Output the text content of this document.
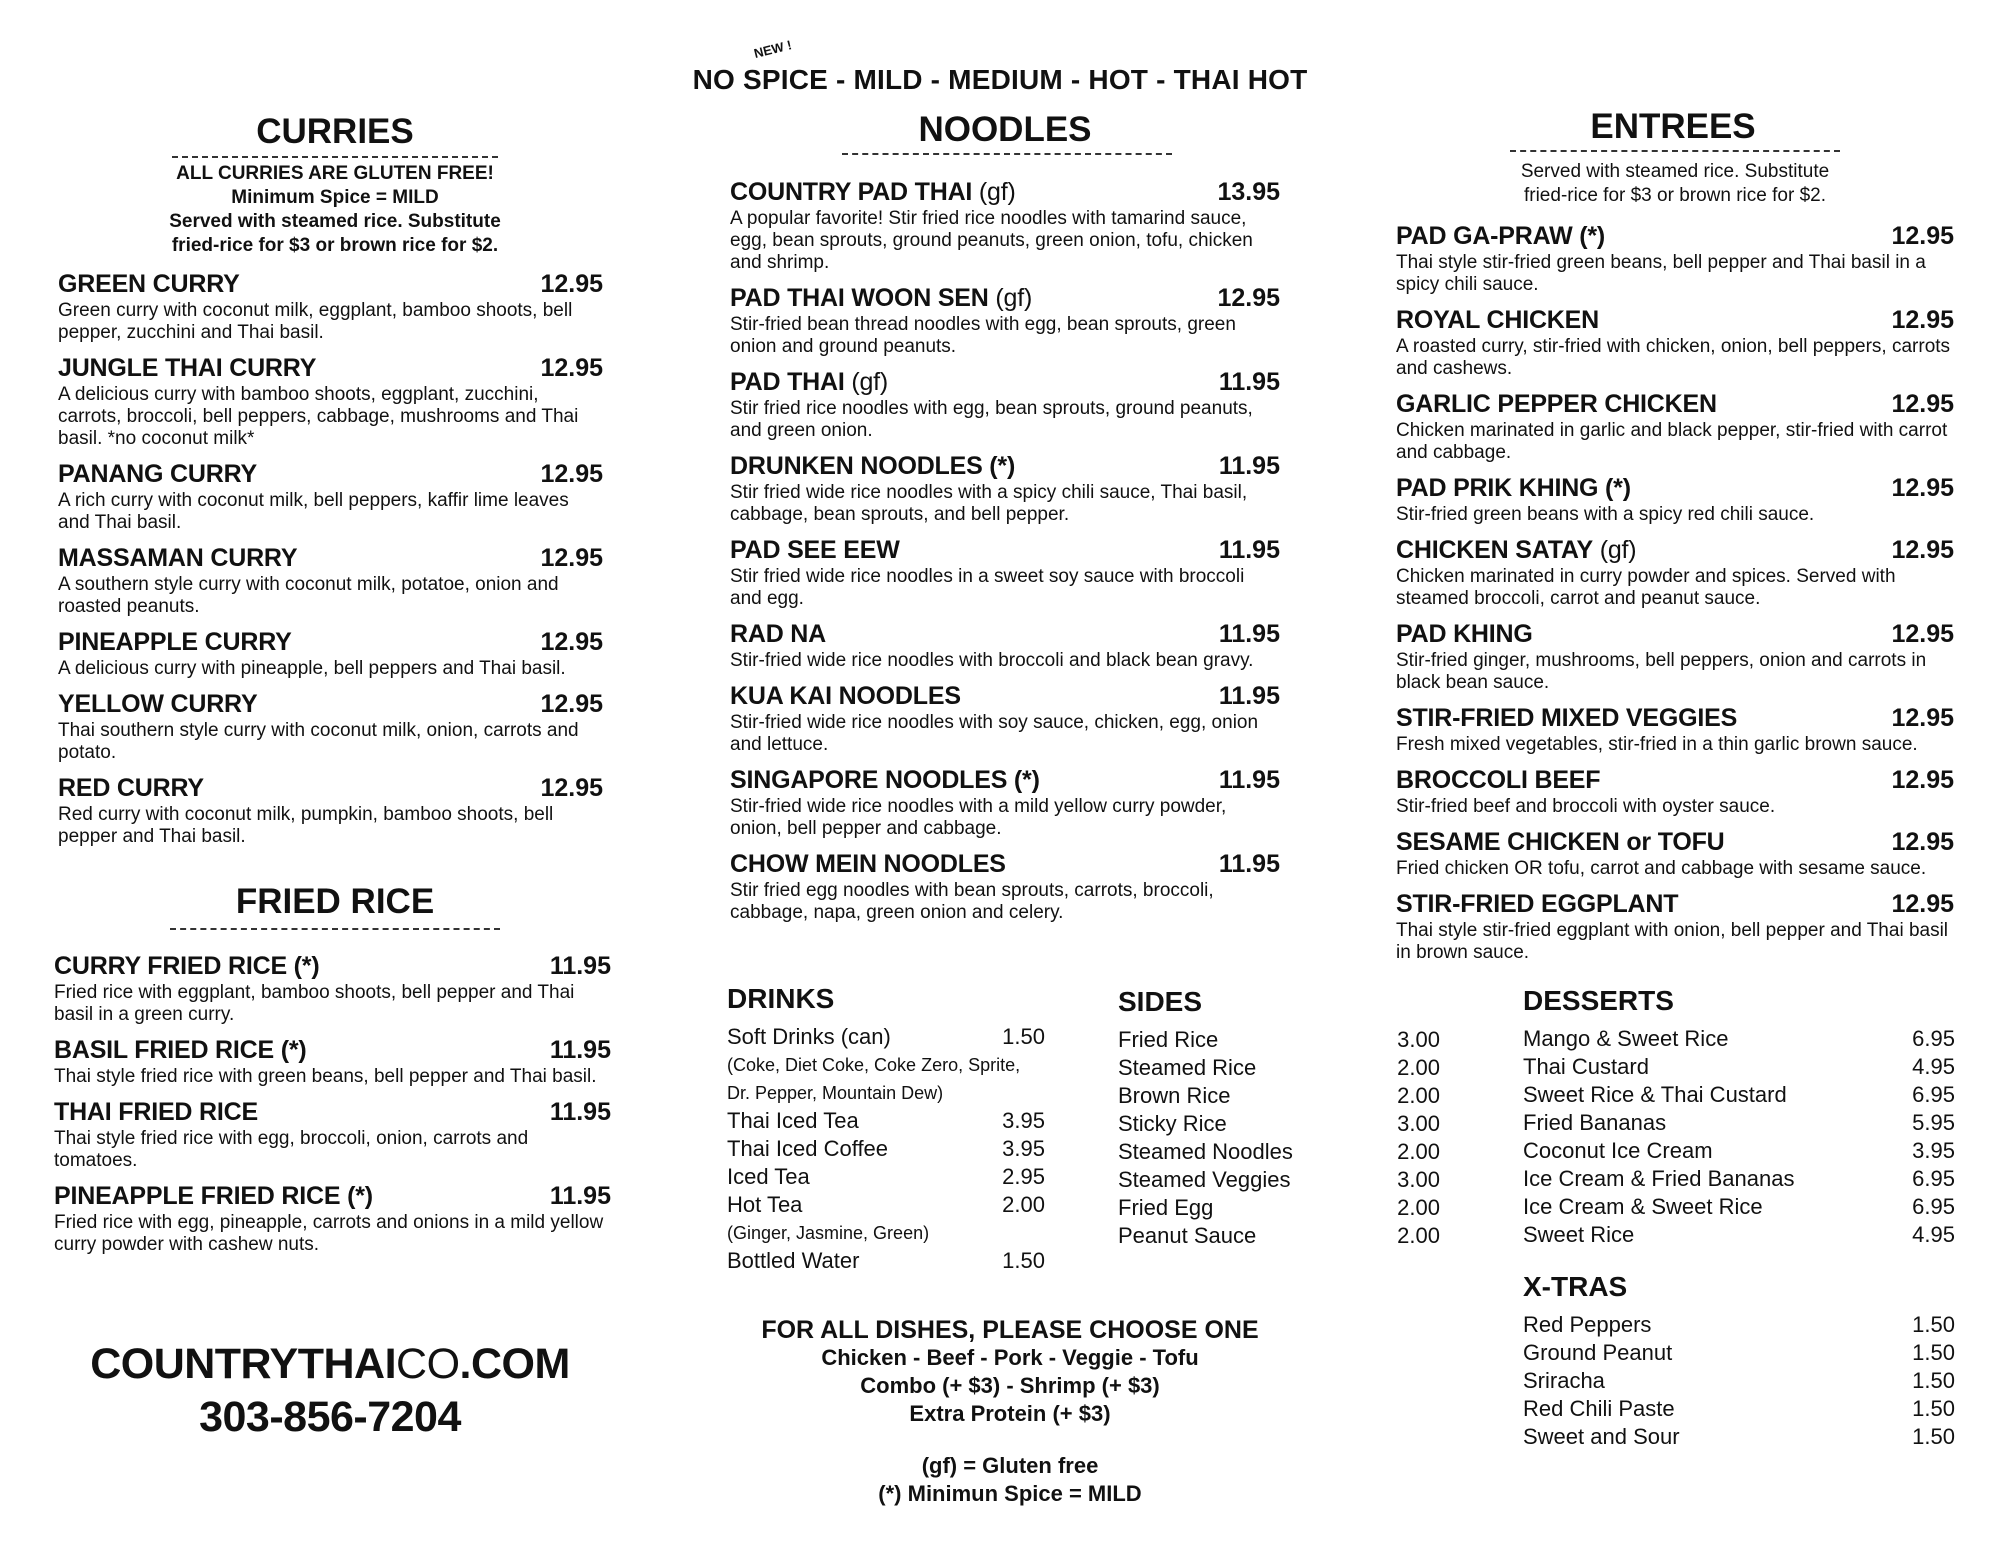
NEW !
NO SPICE - MILD - MEDIUM - HOT - THAI HOT
CURRIES
ALL CURRIES ARE GLUTEN FREE!
Minimum Spice = MILD
Served with steamed rice. Substitute
fried-rice for $3 or brown rice for $2.
GREEN CURRY	12.95
Green curry with coconut milk, eggplant, bamboo shoots, bell pepper, zucchini and Thai basil.
JUNGLE THAI CURRY	12.95
A delicious curry with bamboo shoots, eggplant, zucchini, carrots, broccoli, bell peppers, cabbage, mushrooms and Thai basil. *no coconut milk*
PANANG CURRY	12.95
A rich curry with coconut milk, bell peppers, kaffir lime leaves and Thai basil.
MASSAMAN CURRY	12.95
A southern style curry with coconut milk, potatoe, onion and roasted peanuts.
PINEAPPLE CURRY	12.95
A delicious curry with pineapple, bell peppers and Thai basil.
YELLOW CURRY	12.95
Thai southern style curry with coconut milk, onion, carrots and potato.
RED CURRY	12.95
Red curry with coconut milk, pumpkin, bamboo shoots, bell pepper and Thai basil.
FRIED RICE
CURRY FRIED RICE (*)	11.95
Fried rice with eggplant, bamboo shoots, bell pepper and Thai basil in a green curry.
BASIL FRIED RICE (*)	11.95
Thai style fried rice with green beans, bell pepper and Thai basil.
THAI FRIED RICE	11.95
Thai style fried rice with egg, broccoli, onion, carrots and tomatoes.
PINEAPPLE FRIED RICE (*)	11.95
Fried rice with egg, pineapple, carrots and onions in a mild yellow curry powder with cashew nuts.
COUNTRYTHAICO.COM
303-856-7204
NOODLES
COUNTRY PAD THAI (gf)	13.95
A popular favorite! Stir fried rice noodles with tamarind sauce, egg, bean sprouts, ground peanuts, green onion, tofu, chicken and shrimp.
PAD THAI WOON SEN (gf)	12.95
Stir-fried bean thread noodles with egg, bean sprouts, green onion and ground peanuts.
PAD THAI (gf)	11.95
Stir fried rice noodles with egg, bean sprouts, ground peanuts, and green onion.
DRUNKEN NOODLES (*)	11.95
Stir fried wide rice noodles with a spicy chili sauce, Thai basil, cabbage, bean sprouts, and bell pepper.
PAD SEE EEW	11.95
Stir fried wide rice noodles in a sweet soy sauce with broccoli and egg.
RAD NA	11.95
Stir-fried wide rice noodles with broccoli and black bean gravy.
KUA KAI NOODLES	11.95
Stir-fried wide rice noodles with soy sauce, chicken, egg, onion and lettuce.
SINGAPORE NOODLES (*)	11.95
Stir-fried wide rice noodles with a mild yellow curry powder, onion, bell pepper and cabbage.
CHOW MEIN NOODLES	11.95
Stir fried egg noodles with bean sprouts, carrots, broccoli, cabbage, napa, green onion and celery.
ENTREES
Served with steamed rice. Substitute
fried-rice for $3 or brown rice for $2.
PAD GA-PRAW (*)	12.95
Thai style stir-fried green beans, bell pepper and Thai basil in a spicy chili sauce.
ROYAL CHICKEN	12.95
A roasted curry, stir-fried with chicken, onion, bell peppers, carrots and cashews.
GARLIC PEPPER CHICKEN	12.95
Chicken marinated in garlic and black pepper, stir-fried with carrot and cabbage.
PAD PRIK KHING (*)	12.95
Stir-fried green beans with a spicy red chili sauce.
CHICKEN SATAY (gf)	12.95
Chicken marinated in curry powder and spices. Served with steamed broccoli, carrot and peanut sauce.
PAD KHING	12.95
Stir-fried ginger, mushrooms, bell peppers, onion and carrots in black bean sauce.
STIR-FRIED MIXED VEGGIES	12.95
Fresh mixed vegetables, stir-fried in a thin garlic brown sauce.
BROCCOLI BEEF	12.95
Stir-fried beef and broccoli with oyster sauce.
SESAME CHICKEN or TOFU	12.95
Fried chicken OR tofu, carrot and cabbage with sesame sauce.
STIR-FRIED EGGPLANT	12.95
Thai style stir-fried eggplant with onion, bell pepper and Thai basil in brown sauce.
DRINKS
Soft Drinks (can)	1.50
(Coke, Diet Coke, Coke Zero, Sprite,
Dr. Pepper, Mountain Dew)
Thai Iced Tea	3.95
Thai Iced Coffee	3.95
Iced Tea	2.95
Hot Tea	2.00
(Ginger, Jasmine, Green)
Bottled Water	1.50
SIDES
Fried Rice	3.00
Steamed Rice	2.00
Brown Rice	2.00
Sticky Rice	3.00
Steamed Noodles	2.00
Steamed Veggies	3.00
Fried Egg	2.00
Peanut Sauce	2.00
DESSERTS
Mango & Sweet Rice	6.95
Thai Custard	4.95
Sweet Rice & Thai Custard	6.95
Fried Bananas	5.95
Coconut Ice Cream	3.95
Ice Cream & Fried Bananas	6.95
Ice Cream & Sweet Rice	6.95
Sweet Rice	4.95
X-TRAS
Red Peppers	1.50
Ground Peanut	1.50
Sriracha	1.50
Red Chili Paste	1.50
Sweet and Sour	1.50
FOR ALL DISHES, PLEASE CHOOSE ONE
Chicken - Beef - Pork - Veggie - Tofu
Combo (+ $3) - Shrimp (+ $3)
Extra Protein (+ $3)
(gf) = Gluten free
(*) Minimun Spice = MILD
